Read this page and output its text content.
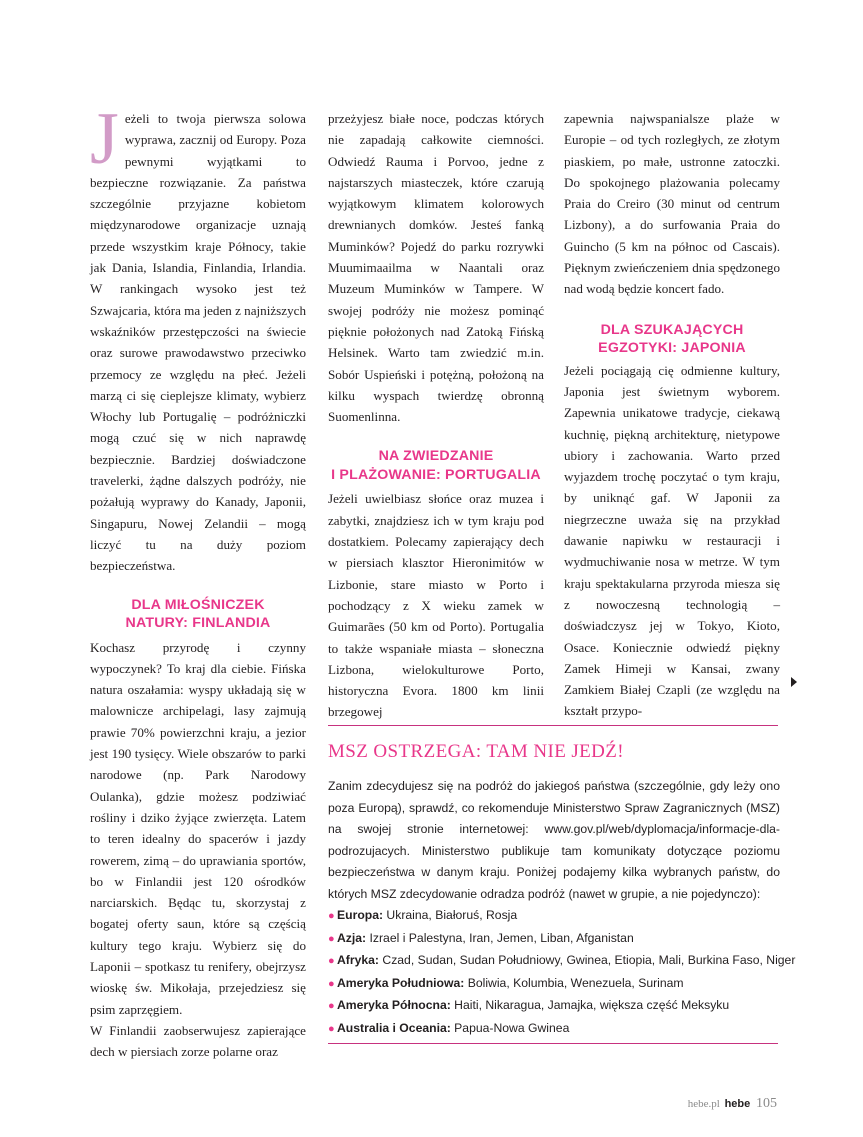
J eżeli to twoja pierwsza solowa wyprawa, zacznij od Europy. Poza pewnymi wyjątkami to bezpieczne rozwiązanie. Za państwa szczególnie przyjazne kobietom międzynarodowe organizacje uznają przede wszystkim kraje Północy, takie jak Dania, Islandia, Finlandia, Irlandia. W rankingach wysoko jest też Szwajcaria, która ma jeden z najniższych wskaźników przestępczości na świecie oraz surowe prawodawstwo przeciwko przemocy ze względu na płeć. Jeżeli marzą ci się cieplejsze klimaty, wybierz Włochy lub Portugalię – podróżniczki mogą czuć się w nich naprawdę bezpiecznie. Bardziej doświadczone travelerki, żądne dalszych podróży, nie pożałują wyprawy do Kanady, Japonii, Singapuru, Nowej Zelandii – mogą liczyć tu na duży poziom bezpieczeństwa.

DLA MIŁOŚNICZEK
NATURY: FINLANDIA

Kochasz przyrodę i czynny wypoczynek? To kraj dla ciebie. Fińska natura oszałamia: wyspy układają się w malownicze archipelagi, lasy zajmują prawie 70% powierzchni kraju, a jezior jest 190 tysięcy. Wiele obszarów to parki narodowe (np. Park Narodowy Oulanka), gdzie możesz podziwiać rośliny i dziko żyjące zwierzęta. Latem to teren idealny do spacerów i jazdy rowerem, zimą – do uprawiania sportów, bo w Finlandii jest 120 ośrodków narciarskich. Będąc tu, skorzystaj z bogatej oferty saun, które są częścią kultury tego kraju. Wybierz się do Laponii – spotkasz tu renifery, obejrzysz wioskę św. Mikołaja, przejedziesz się psim zaprzęgiem.
W Finlandii zaobserwujesz zapierające dech w piersiach zorze polarne oraz

przeżyjesz białe noce, podczas których nie zapadają całkowite ciemności. Odwiedź Rauma i Porvoo, jedne z najstarszych miasteczek, które czarują wyjątkowym klimatem kolorowych drewnianych domków. Jesteś fanką Muminków? Pojedź do parku rozrywki Muumimaailma w Naantali oraz Muzeum Muminków w Tampere. W swojej podróży nie możesz pominąć pięknie położonych nad Zatoką Fińską Helsinek. Warto tam zwiedzić m.in. Sobór Uspieński i potężną, położoną na kilku wyspach twierdzę obronną Suomenlinna.

NA ZWIEDZANIE
I PLAŻOWANIE: PORTUGALIA

Jeżeli uwielbiasz słońce oraz muzea i zabytki, znajdziesz ich w tym kraju pod dostatkiem. Polecamy zapierający dech w piersiach klasztor Hieronimitów w Lizbonie, stare miasto w Porto i pochodzący z X wieku zamek w Guimarães (50 km od Porto). Portugalia to także wspaniałe miasta – słoneczna Lizbona, wielokulturowe Porto, historyczna Evora. 1800 km linii brzegowej

zapewnia najwspanialsze plaże w Europie – od tych rozległych, ze złotym piaskiem, po małe, ustronne zatoczki. Do spokojnego plażowania polecamy Praia do Creiro (30 minut od centrum Lizbony), a do surfowania Praia do Guincho (5 km na północ od Cascais). Pięknym zwieńczeniem dnia spędzonego nad wodą będzie koncert fado.

DLA SZUKAJĄCYCH
EGZOTYKI: JAPONIA

Jeżeli pociągają cię odmienne kultury, Japonia jest świetnym wyborem. Zapewnia unikatowe tradycje, ciekawą kuchnię, piękną architekturę, nietypowe ubiory i zachowania. Warto przed wyjazdem trochę poczytać o tym kraju, by uniknąć gaf. W Japonii za niegrzeczne uważa się na przykład dawanie napiwku w restauracji i wydmuchiwanie nosa w metrze. W tym kraju spektakularna przyroda miesza się z nowoczesną technologią – doświadczysz jej w Tokyo, Kioto, Osace. Koniecznie odwiedź piękny Zamek Himeji w Kansai, zwany Zamkiem Białej Czapli (ze względu na kształt przypo-

MSZ OSTRZEGA: TAM NIE JEDŹ!

Zanim zdecydujesz się na podróż do jakiegoś państwa (szczególnie, gdy leży ono poza Europą), sprawdź, co rekomenduje Ministerstwo Spraw Zagranicznych (MSZ) na swojej stronie internetowej: www.gov.pl/web/dyplomacja/informacje-dla-podrozujacych. Ministerstwo publikuje tam komunikaty dotyczące poziomu bezpieczeństwa w danym kraju. Poniżej podajemy kilka wybranych państw, do których MSZ zdecydowanie odradza podróż (nawet w grupie, a nie pojedynczo):

● Europa: Ukraina, Białoruś, Rosja
● Azja: Izrael i Palestyna, Iran, Jemen, Liban, Afganistan
● Afryka: Czad, Sudan, Sudan Południowy, Gwinea, Etiopia, Mali, Burkina Faso, Niger
● Ameryka Południowa: Boliwia, Kolumbia, Wenezuela, Surinam
● Ameryka Północna: Haiti, Nikaragua, Jamajka, większa część Meksyku
● Australia i Oceania: Papua-Nowa Gwinea
hebe.pl hebe 105
